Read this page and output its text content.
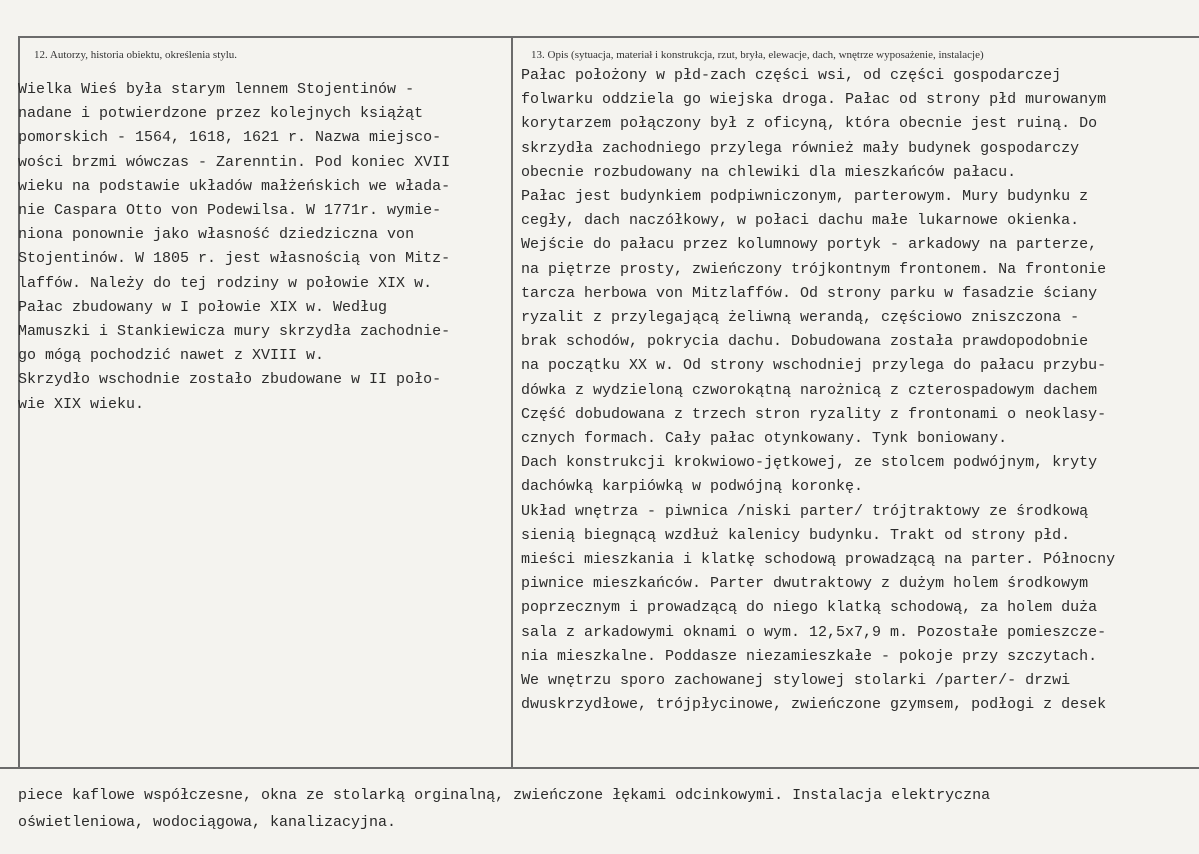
12. Autorzy, historia obiektu, określenia stylu.	13. Opis (sytuacja, materiał i konstrukcja, rzut, bryła, elewacje, dach, wnętrze wyposażenie, instalacje)
Wielka Wieś była starym lennem Stojentinów -
nadane i potwierdzone przez kolejnych książąt
pomorskich - 1564, 1618, 1621 r. Nazwa miejsco-
wości brzmi wówczas - Zarenntin. Pod koniec XVII
wieku na podstawie układów małżeńskich we włada-
nie Caspara Otto von Podewilsa. W 1771r. wymie-
niona ponownie jako własność dziedziczna von
Stojentinów. W 1805 r. jest własnością von Mitz-
laffów. Należy do tej rodziny w połowie XIX w.
Pałac zbudowany w I połowie XIX w. Według
Mamuszki i Stankiewicza mury skrzydła zachodnie-
go mógą pochodzić nawet z XVIII w.
Skrzydło wschodnie zostało zbudowane w II poło-
wie XIX wieku.
Pałac położony w płd-zach części wsi, od części gospodarczej
folwarku oddziela go wiejska droga. Pałac od strony płd murowanym
korytarzem połączony był z oficyną, która obecnie jest ruiną. Do
skrzydła zachodniego przylega również mały budynek gospodarczy
obecnie rozbudowany na chlewiki dla mieszkańców pałacu.
Pałac jest budynkiem podpiwniczonym, parterowym. Mury budynku z
cegły, dach naczółkowy, w połaci dachu małe lukarnowe okienka.
Wejście do pałacu przez kolumnowy portyk - arkadowy na parterze,
na piętrze prosty, zwieńczony trójkontnym frontonem. Na frontonie
tarcza herbowa von Mitzlaffów. Od strony parku w fasadzie ściany
ryzalit z przylegającą żeliwną werandą, częściowo zniszczona -
brak schodów, pokrycia dachu. Dobudowana została prawdopodobnie
na początku XX w. Od strony wschodniej przylega do pałacu przybu-
dówka z wydzieloną czworokątną narożnicą z czterospadowym dachem
Część dobudowana z trzech stron ryzality z frontonami o neoklasy-
cznych formach. Cały pałac otynkowany. Tynk boniowany.
Dach konstrukcji krokwiowo-jętkowej, ze stolcem podwójnym, kryty
dachówką karpiówką w podwójną koronkę.
Układ wnętrza - piwnica /niski parter/ trójtraktowy ze środkową
sienią biegnącą wzdłuż kalenicy budynku. Trakt od strony płd.
mieści mieszkania i klatkę schodową prowadzącą na parter. Północny
piwnice mieszkańców. Parter dwutraktowy z dużym holem środkowym
poprzecznym i prowadzącą do niego klatką schodową, za holem duża
sala z arkadowymi oknami o wym. 12,5x7,9 m. Pozostałe pomieszcze-
nia mieszkalne. Poddasze niezamieszkałe - pokoje przy szczytach.
We wnętrzu sporo zachowanej stylowej stolarki /parter/- drzwi
dwuskrzydłowe, trójpłycinowe, zwieńczone gzymsem, podłogi z desek
piece kaflowe współczesne, okna ze stolarką orginalną, zwieńczone łękami odcinkowymi. Instalacja elektryczna
oświetleniowa, wodociągowa, kanalizacyjna.
